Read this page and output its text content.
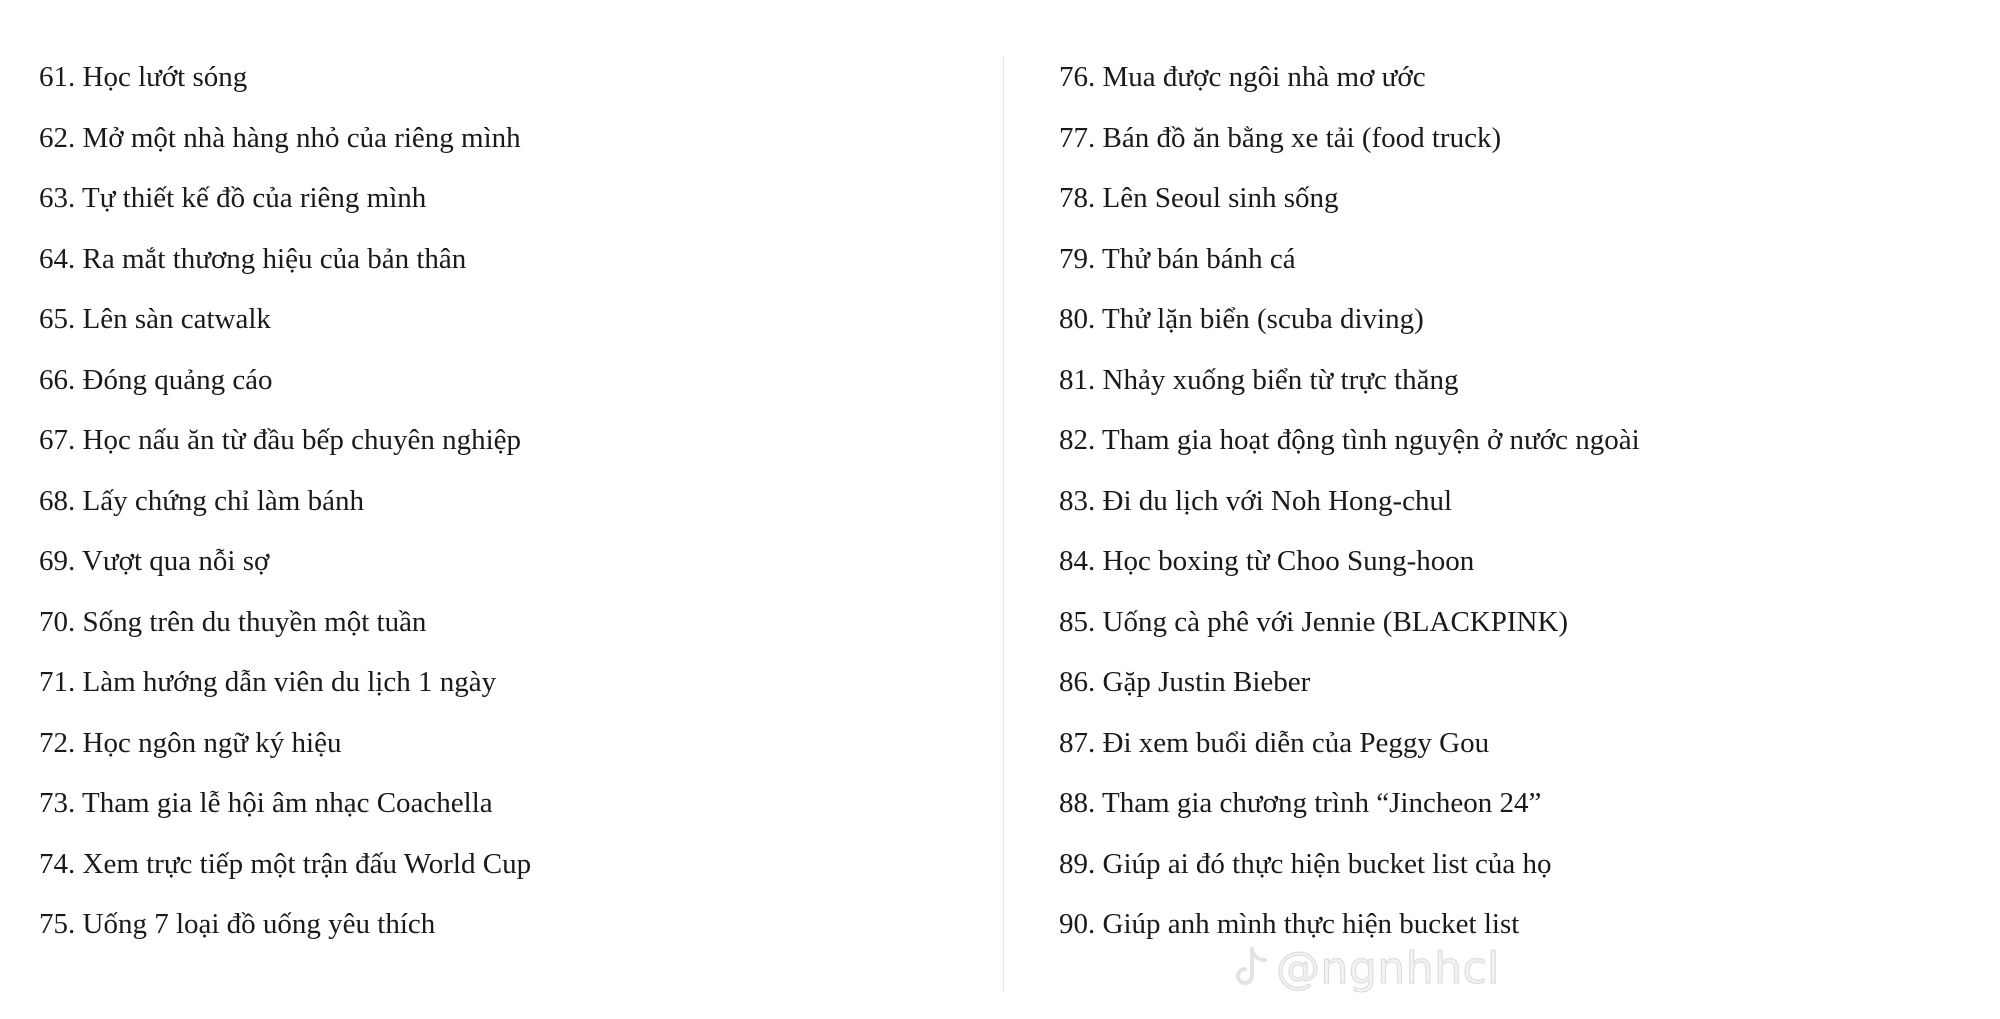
61. Học lướt sóng
62. Mở một nhà hàng nhỏ của riêng mình
63. Tự thiết kế đồ của riêng mình
64. Ra mắt thương hiệu của bản thân
65. Lên sàn catwalk
66. Đóng quảng cáo
67. Học nấu ăn từ đầu bếp chuyên nghiệp
68. Lấy chứng chỉ làm bánh
69. Vượt qua nỗi sợ
70. Sống trên du thuyền một tuần
71. Làm hướng dẫn viên du lịch 1 ngày
72. Học ngôn ngữ ký hiệu
73. Tham gia lễ hội âm nhạc Coachella
74. Xem trực tiếp một trận đấu World Cup
75. Uống 7 loại đồ uống yêu thích
76. Mua được ngôi nhà mơ ước
77. Bán đồ ăn bằng xe tải (food truck)
78. Lên Seoul sinh sống
79. Thử bán bánh cá
80. Thử lặn biển (scuba diving)
81. Nhảy xuống biển từ trực thăng
82. Tham gia hoạt động tình nguyện ở nước ngoài
83. Đi du lịch với Noh Hong-chul
84. Học boxing từ Choo Sung-hoon
85. Uống cà phê với Jennie (BLACKPINK)
86. Gặp Justin Bieber
87. Đi xem buổi diễn của Peggy Gou
88. Tham gia chương trình “Jincheon 24”
89. Giúp ai đó thực hiện bucket list của họ
90. Giúp anh mình thực hiện bucket list
@ngnhhcl
